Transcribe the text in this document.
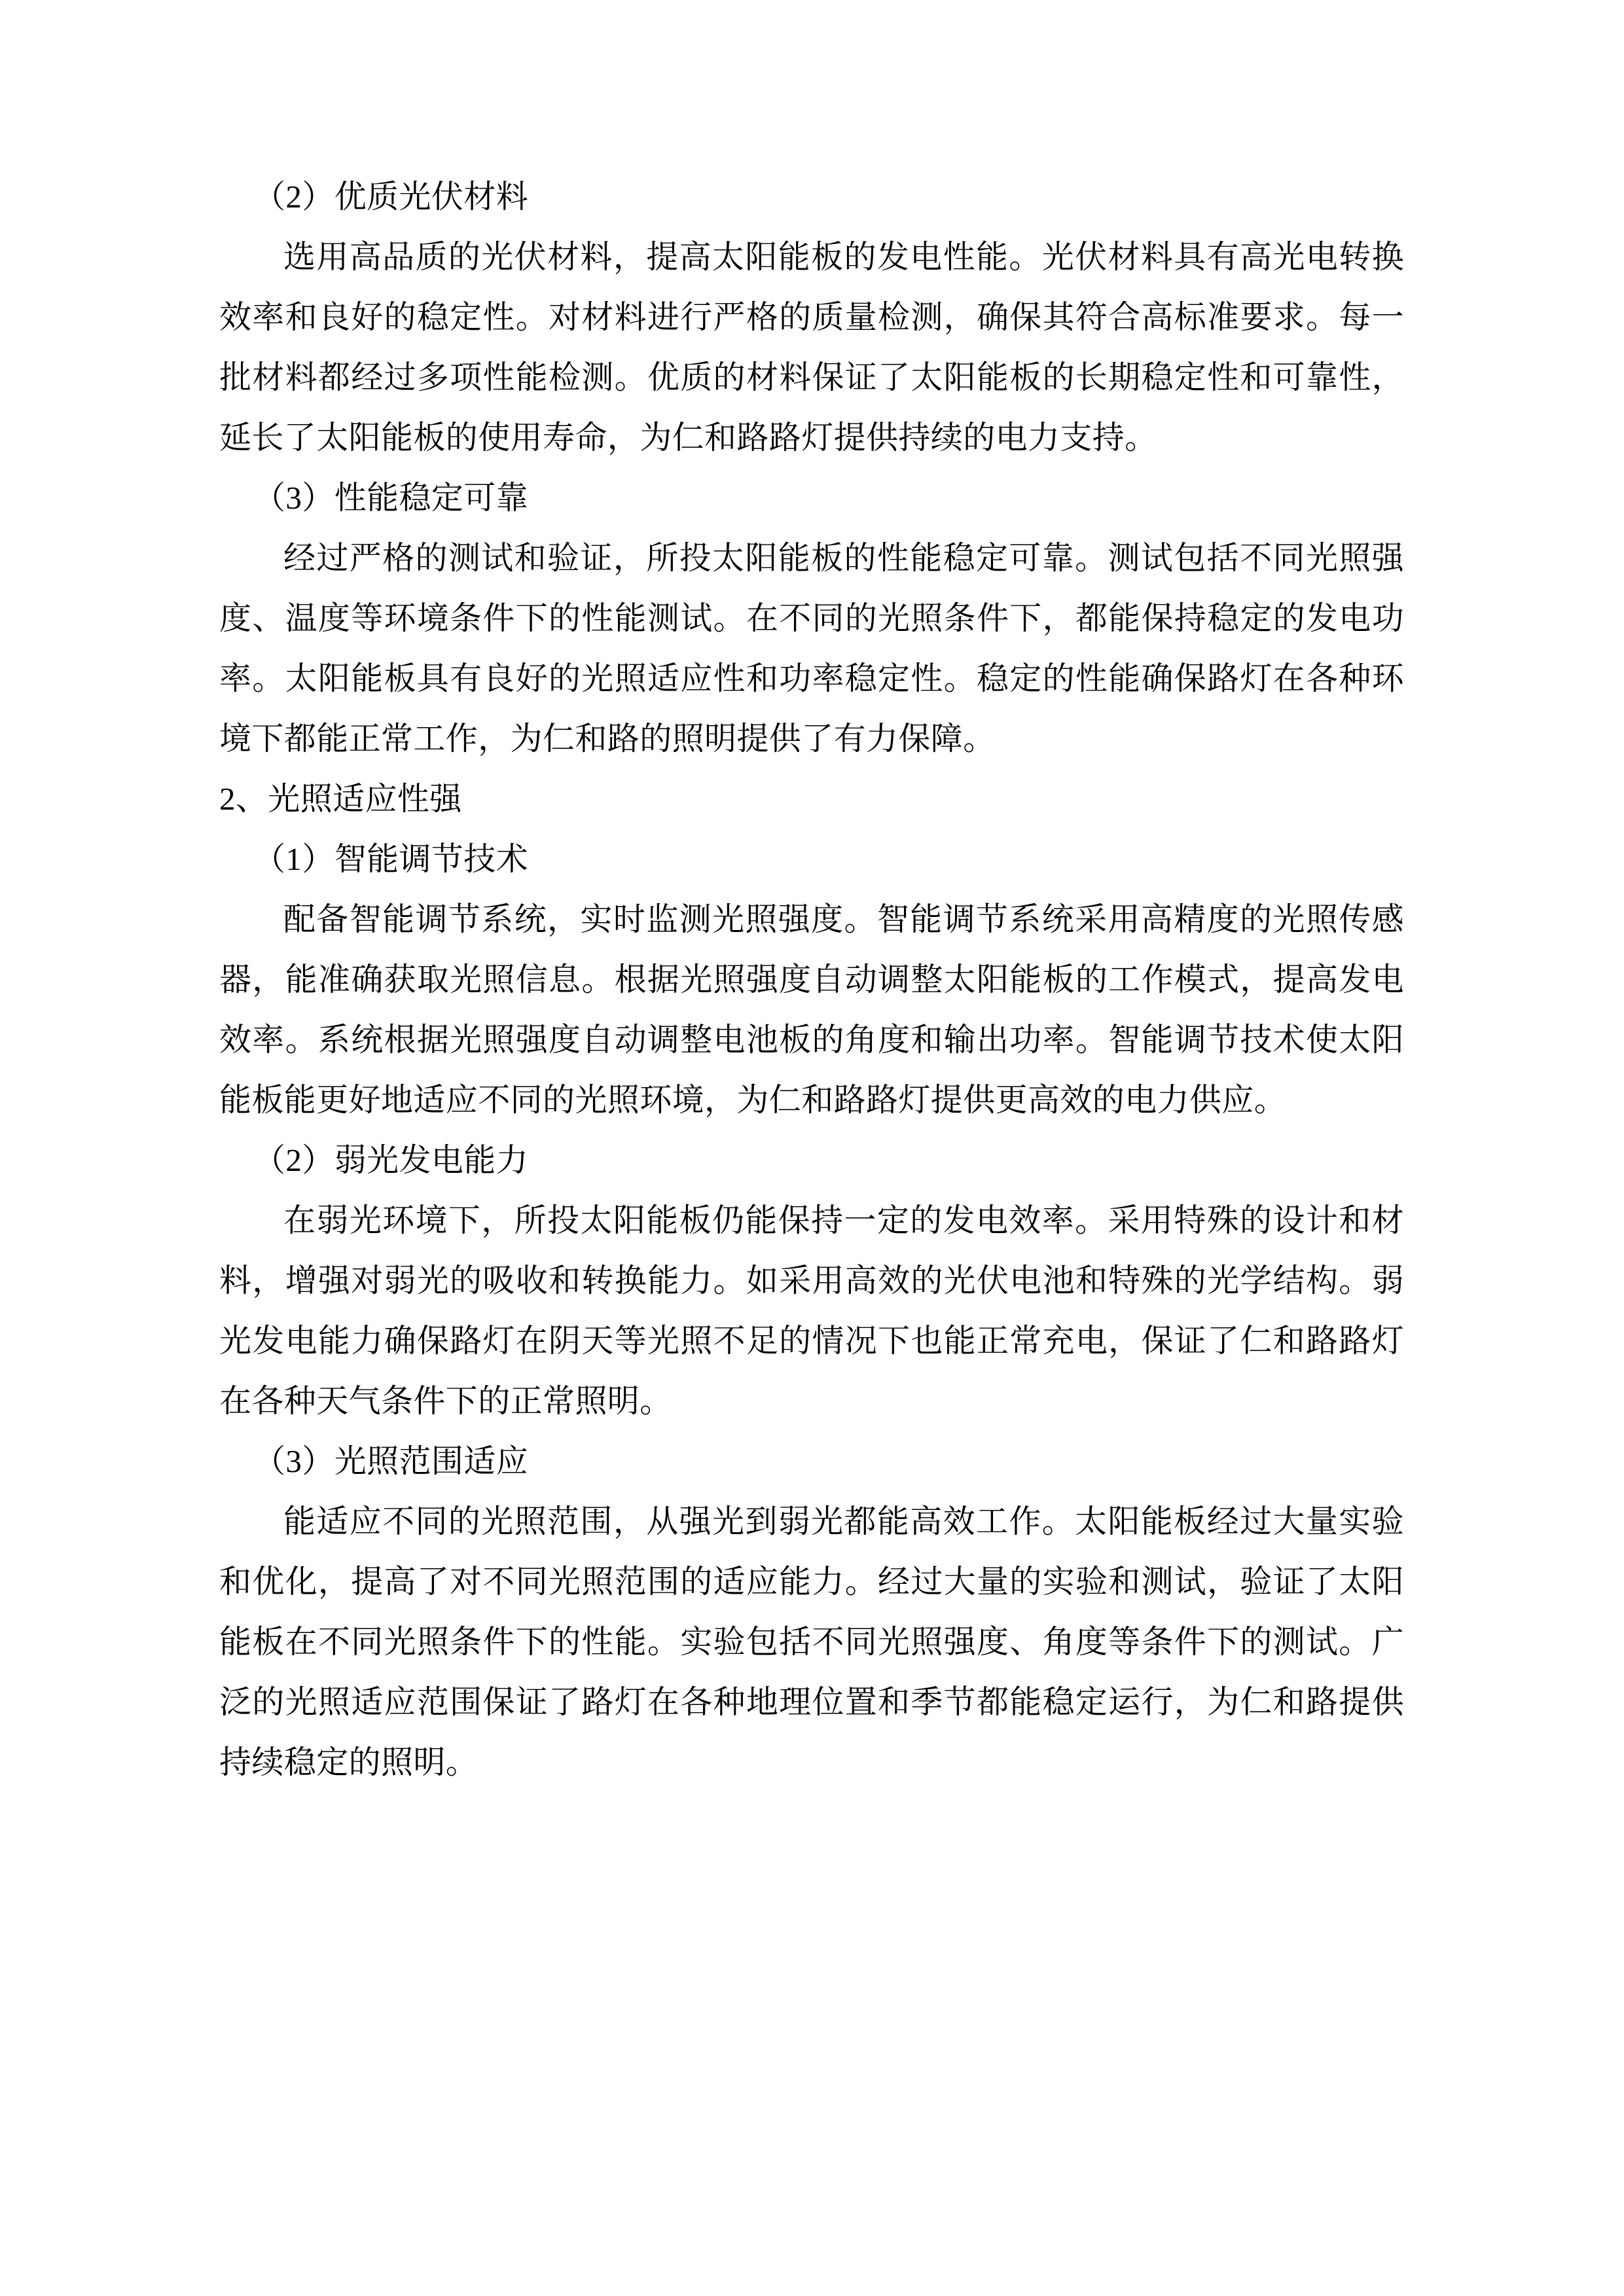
（2）优质光伏材料

选用高品质的光伏材料，提高太阳能板的发电性能。光伏材料具有高光电转换效率和良好的稳定性。对材料进行严格的质量检测，确保其符合高标准要求。每一批材料都经过多项性能检测。优质的材料保证了太阳能板的长期稳定性和可靠性，延长了太阳能板的使用寿命，为仁和路路灯提供持续的电力支持。

（3）性能稳定可靠

经过严格的测试和验证，所投太阳能板的性能稳定可靠。测试包括不同光照强度、温度等环境条件下的性能测试。在不同的光照条件下，都能保持稳定的发电功率。太阳能板具有良好的光照适应性和功率稳定性。稳定的性能确保路灯在各种环境下都能正常工作，为仁和路的照明提供了有力保障。

2、光照适应性强

（1）智能调节技术

配备智能调节系统，实时监测光照强度。智能调节系统采用高精度的光照传感器，能准确获取光照信息。根据光照强度自动调整太阳能板的工作模式，提高发电效率。系统根据光照强度自动调整电池板的角度和输出功率。智能调节技术使太阳能板能更好地适应不同的光照环境，为仁和路路灯提供更高效的电力供应。

（2）弱光发电能力

在弱光环境下，所投太阳能板仍能保持一定的发电效率。采用特殊的设计和材料，增强对弱光的吸收和转换能力。如采用高效的光伏电池和特殊的光学结构。弱光发电能力确保路灯在阴天等光照不足的情况下也能正常充电，保证了仁和路路灯在各种天气条件下的正常照明。

（3）光照范围适应

能适应不同的光照范围，从强光到弱光都能高效工作。太阳能板经过大量实验和优化，提高了对不同光照范围的适应能力。经过大量的实验和测试，验证了太阳能板在不同光照条件下的性能。实验包括不同光照强度、角度等条件下的测试。广泛的光照适应范围保证了路灯在各种地理位置和季节都能稳定运行，为仁和路提供持续稳定的照明。
